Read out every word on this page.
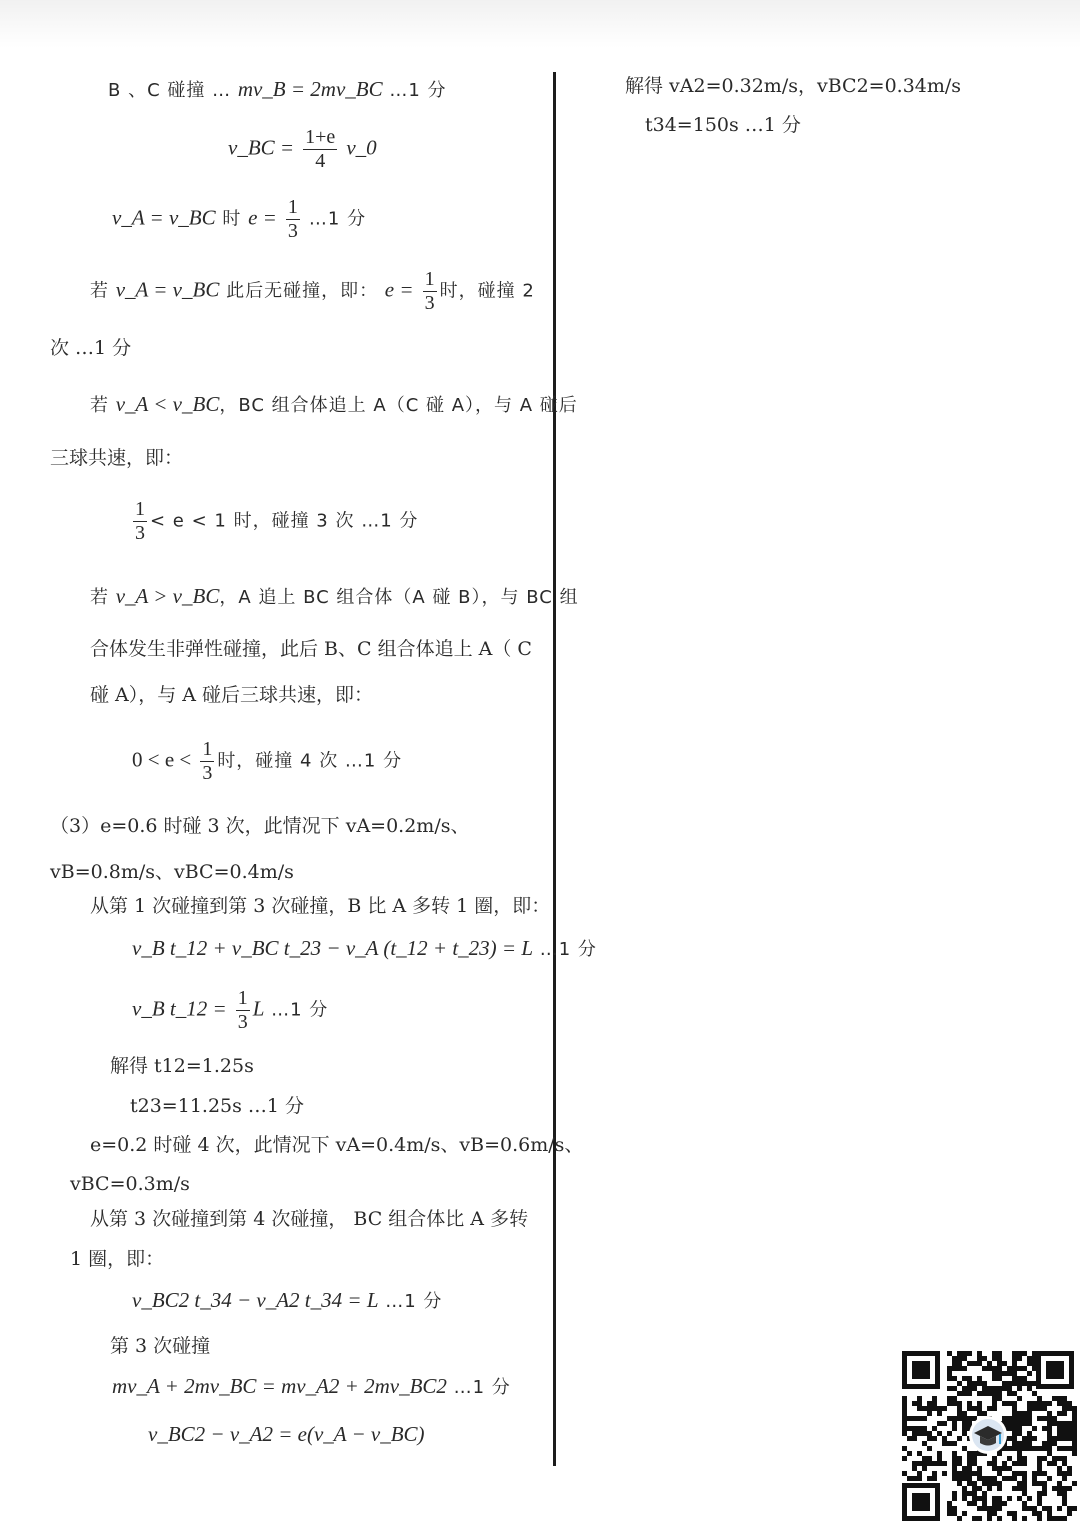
B 、C 碰撞 … mv_B = 2mv_BC …1 分
v_BC = $\frac{1+e}{4}$ v_0
v_A = v_BC 时 $e = \frac{1}{3}$ …1 分
若 v_A = v_BC 此后无碰撞，即： $e = \frac{1}{3}$ 时，碰撞 2
次 …1 分
若 v_A < v_BC，BC 组合体追上 A（C 碰 A），与 A 碰后
三球共速，即：
$\frac{1}{3} < e < 1$ 时，碰撞 3 次 …1 分
若 v_A > v_BC，A 追上 BC 组合体（A 碰 B），与 BC 组
合体发生非弹性碰撞，此后 B、C 组合体追上 A（ C
碰 A），与 A 碰后三球共速，即：
$0 < e < \frac{1}{3}$ 时，碰撞 4 次 …1 分
（3）e=0.6 时碰 3 次，此情况下 vA=0.2m/s、
vB=0.8m/s、vBC=0.4m/s
从第 1 次碰撞到第 3 次碰撞，B 比 A 多转 1 圈，即：
v_B t_12 + v_BC t_23 − v_A (t_12 + t_23) = L …1 分
v_B t_12 = $\frac{1}{3}$ L …1 分
解得 t12=1.25s
t23=11.25s …1 分
e=0.2 时碰 4 次，此情况下 vA=0.4m/s、vB=0.6m/s、
vBC=0.3m/s
从第 3 次碰撞到第 4 次碰撞， BC 组合体比 A 多转
1 圈，即：
v_BC2 t_34 − v_A2 t_34 = L …1 分
第 3 次碰撞
mv_A + 2mv_BC = mv_A2 + 2mv_BC2 …1 分
v_BC2 − v_A2 = e(v_A − v_BC)
解得 vA2=0.32m/s，vBC2=0.34m/s
t34=150s …1 分
